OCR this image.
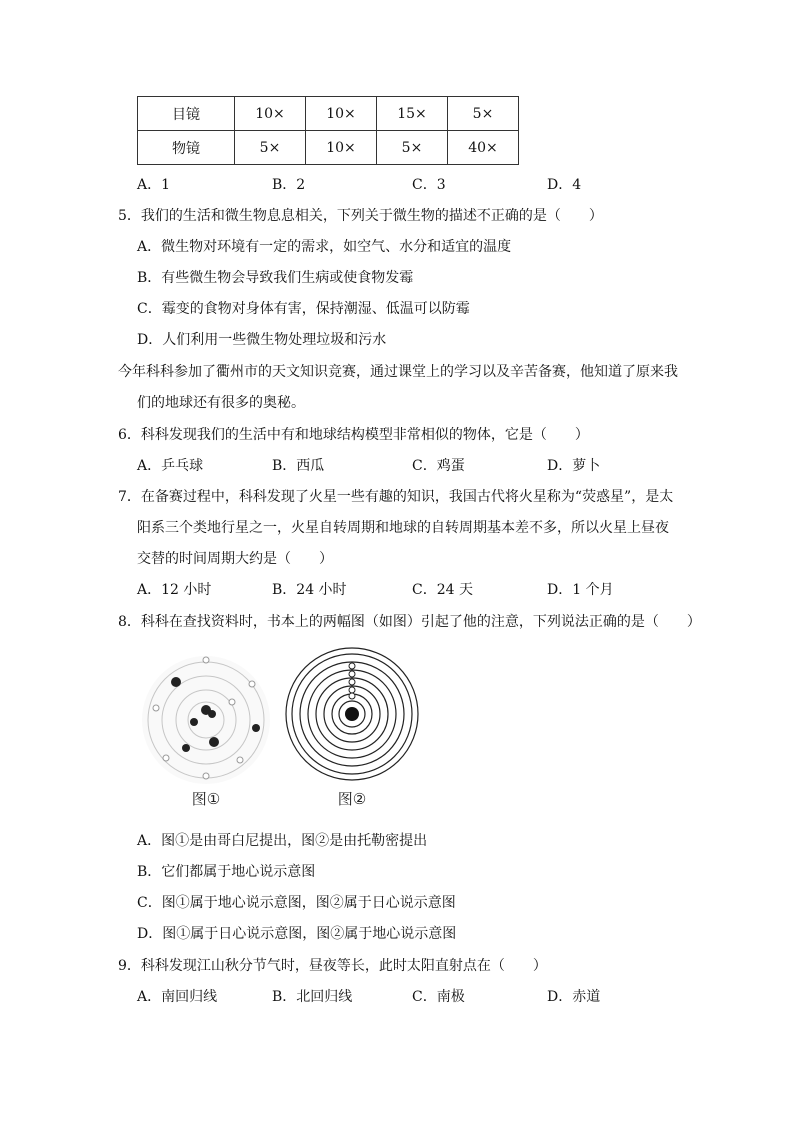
目镜	10×	10×	15×	5×
物镜	5×	10×	5×	40×
A．1	B．2	C．3	D．4
5．我们的生活和微生物息息相关，下列关于微生物的描述不正确的是（　　）
A．微生物对环境有一定的需求，如空气、水分和适宜的温度
B．有些微生物会导致我们生病或使食物发霉
C．霉变的食物对身体有害，保持潮湿、低温可以防霉
D．人们利用一些微生物处理垃圾和污水
今年科科参加了衢州市的天文知识竞赛，通过课堂上的学习以及辛苦备赛，他知道了原来我
们的地球还有很多的奥秘。
6．科科发现我们的生活中有和地球结构模型非常相似的物体，它是（　　）
A．乒乓球	B．西瓜	C．鸡蛋	D．萝卜
7．在备赛过程中，科科发现了火星一些有趣的知识，我国古代将火星称为“荧惑星”，是太
阳系三个类地行星之一，火星自转周期和地球的自转周期基本差不多，所以火星上昼夜
交替的时间周期大约是（　　）
A．12 小时	B．24 小时	C．24 天	D．1 个月
8．科科在查找资料时，书本上的两幅图（如图）引起了他的注意，下列说法正确的是（　　）
图①	图②
A．图①是由哥白尼提出，图②是由托勒密提出
B．它们都属于地心说示意图
C．图①属于地心说示意图，图②属于日心说示意图
D．图①属于日心说示意图，图②属于地心说示意图
9．科科发现江山秋分节气时，昼夜等长，此时太阳直射点在（　　）
A．南回归线	B．北回归线	C．南极	D．赤道
